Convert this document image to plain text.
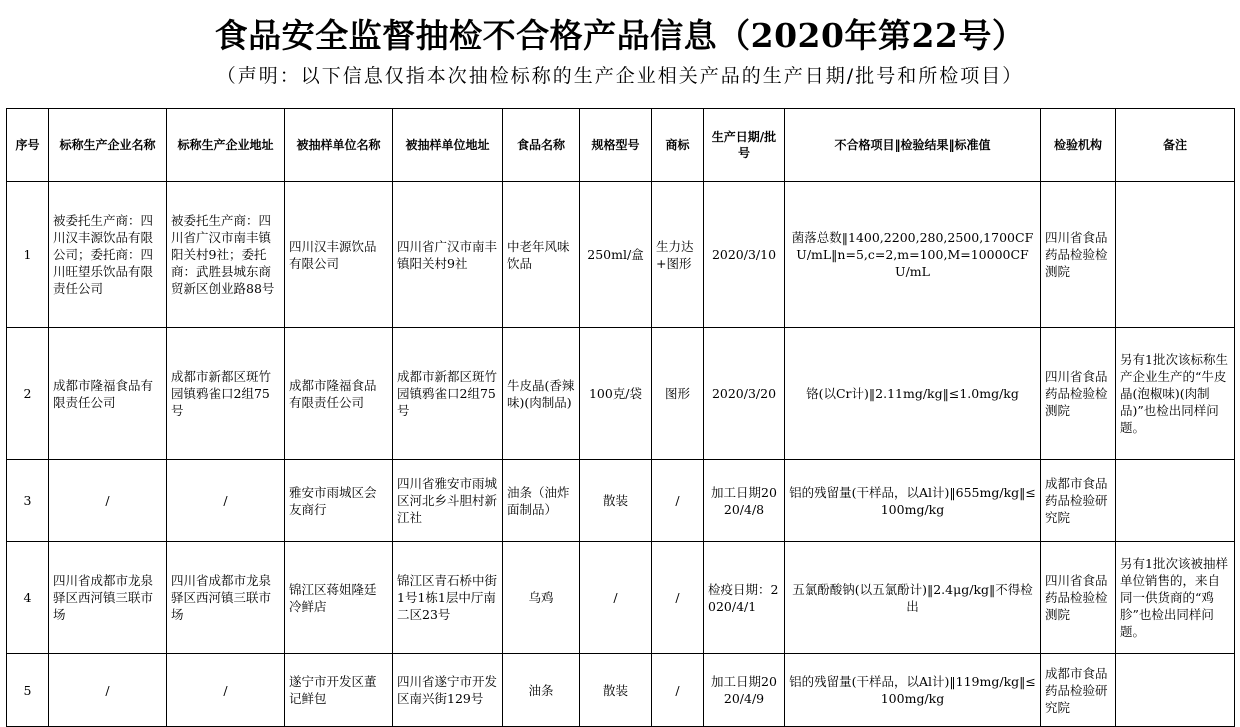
食品安全监督抽检不合格产品信息（2020年第22号）
（声明：以下信息仅指本次抽检标称的生产企业相关产品的生产日期/批号和所检项目）
序号	标称生产企业名称	标称生产企业地址	被抽样单位名称	被抽样单位地址	食品名称	规格型号	商标	生产日期/批号	不合格项目‖检验结果‖标准值	检验机构	备注
1	被委托生产商：四川汉丰源饮品有限公司；委托商：四川旺望乐饮品有限责任公司	被委托生产商：四川省广汉市南丰镇阳关村9社；委托商：武胜县城东商贸新区创业路88号	四川汉丰源饮品有限公司	四川省广汉市南丰镇阳关村9社	中老年风味饮品	250ml/盒	生力达+图形	2020/3/10	菌落总数‖1400,2200,280,2500,1700CFU/mL‖n=5,c=2,m=100,M=10000CFU/mL	四川省食品药品检验检测院	
2	成都市隆福食品有限责任公司	成都市新都区斑竹园镇鸦雀口2组75号	成都市隆福食品有限责任公司	成都市新都区斑竹园镇鸦雀口2组75号	牛皮晶(香辣味)(肉制品)	100克/袋	图形	2020/3/20	铬(以Cr计)‖2.11mg/kg‖≤1.0mg/kg	四川省食品药品检验检测院	另有1批次该标称生产企业生产的“牛皮晶(泡椒味)(肉制品)”也检出同样问题。
3	/	/	雅安市雨城区会友商行	四川省雅安市雨城区河北乡斗胆村新江社	油条（油炸面制品）	散装	/	加工日期2020/4/8	铝的残留量(干样品，以Al计)‖655mg/kg‖≤100mg/kg	成都市食品药品检验研究院	
4	四川省成都市龙泉驿区西河镇三联市场	四川省成都市龙泉驿区西河镇三联市场	锦江区蒋姐隆廷冷鲜店	锦江区青石桥中街1号1栋1层中厅南二区23号	乌鸡	/	/	检疫日期：2020/4/1	五氯酚酸钠(以五氯酚计)‖2.4μg/kg‖不得检出	四川省食品药品检验检测院	另有1批次该被抽样单位销售的，来自同一供货商的“鸡胗”也检出同样问题。
5	/	/	遂宁市开发区董记鲜包	四川省遂宁市开发区南兴街129号	油条	散装	/	加工日期2020/4/9	铝的残留量(干样品，以Al计)‖119mg/kg‖≤100mg/kg	成都市食品药品检验研究院	
